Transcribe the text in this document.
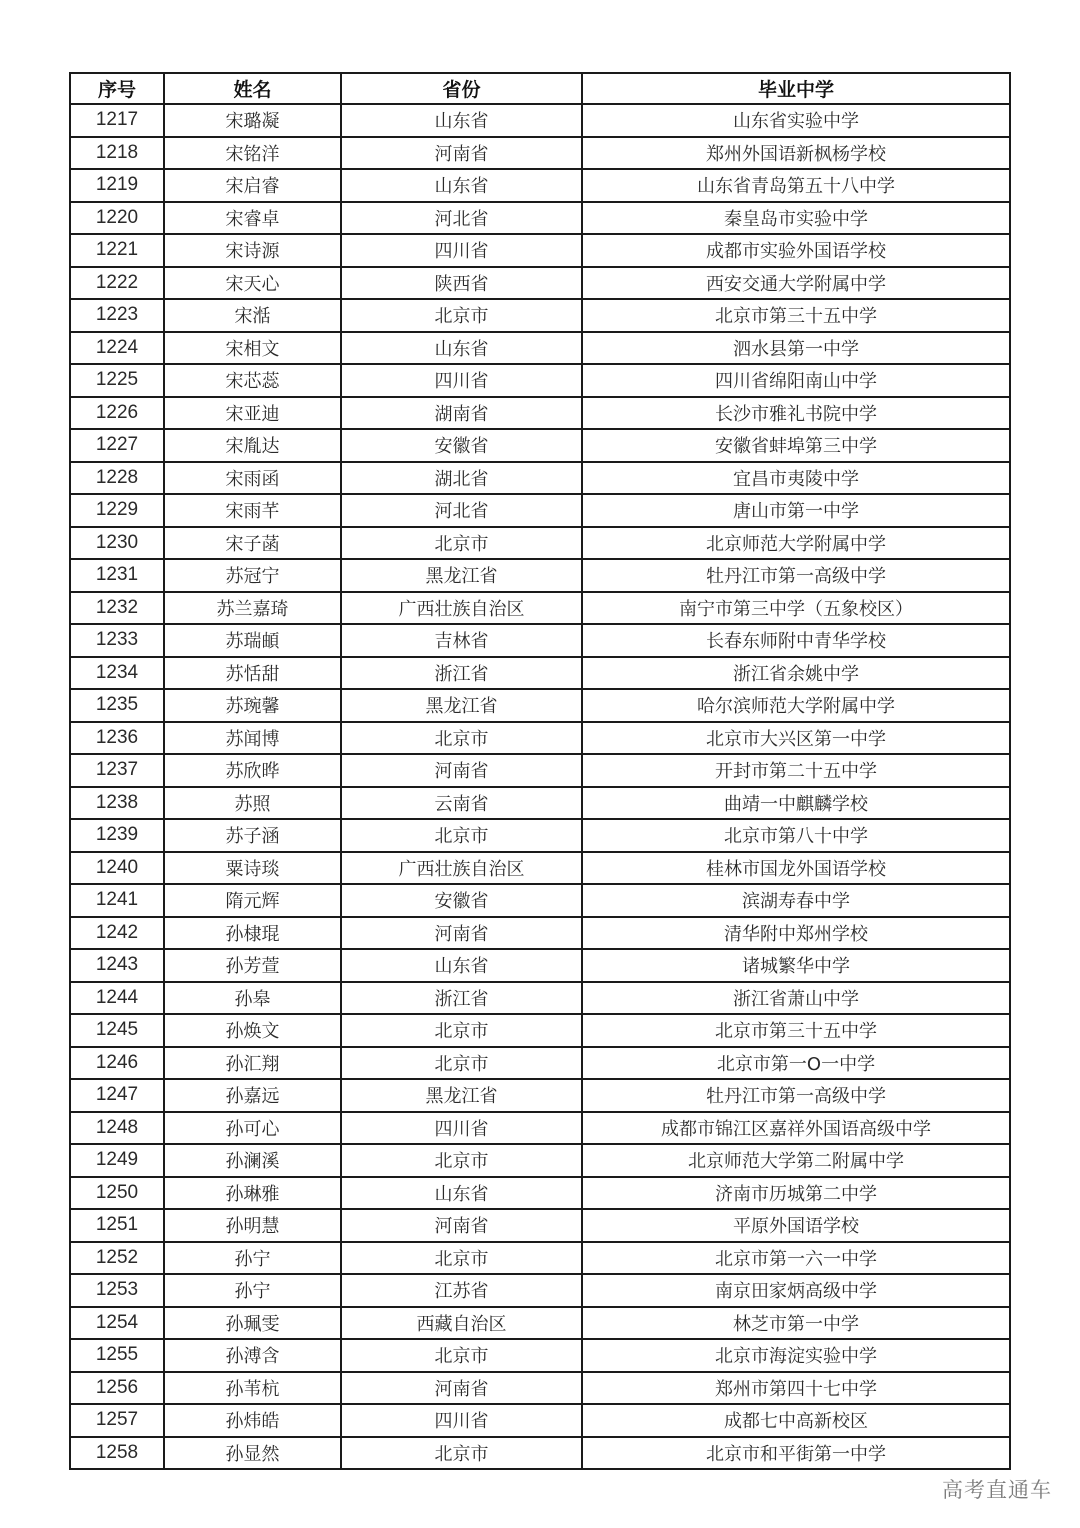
序号	姓名	省份	毕业中学
1217	宋璐凝	山东省	山东省实验中学
1218	宋铭洋	河南省	郑州外国语新枫杨学校
1219	宋启睿	山东省	山东省青岛第五十八中学
1220	宋睿卓	河北省	秦皇岛市实验中学
1221	宋诗源	四川省	成都市实验外国语学校
1222	宋天心	陕西省	西安交通大学附属中学
1223	宋湉	北京市	北京市第三十五中学
1224	宋相文	山东省	泗水县第一中学
1225	宋芯蕊	四川省	四川省绵阳南山中学
1226	宋亚迪	湖南省	长沙市雅礼书院中学
1227	宋胤达	安徽省	安徽省蚌埠第三中学
1228	宋雨函	湖北省	宜昌市夷陵中学
1229	宋雨芊	河北省	唐山市第一中学
1230	宋子菡	北京市	北京师范大学附属中学
1231	苏冠宁	黑龙江省	牡丹江市第一高级中学
1232	苏兰嘉琦	广西壮族自治区	南宁市第三中学（五象校区）
1233	苏瑞頔	吉林省	长春东师附中青华学校
1234	苏恬甜	浙江省	浙江省余姚中学
1235	苏琬馨	黑龙江省	哈尔滨师范大学附属中学
1236	苏闻博	北京市	北京市大兴区第一中学
1237	苏欣晔	河南省	开封市第二十五中学
1238	苏照	云南省	曲靖一中麒麟学校
1239	苏子涵	北京市	北京市第八十中学
1240	粟诗琰	广西壮族自治区	桂林市国龙外国语学校
1241	隋元辉	安徽省	滨湖寿春中学
1242	孙棣琨	河南省	清华附中郑州学校
1243	孙芳萱	山东省	诸城繁华中学
1244	孙皋	浙江省	浙江省萧山中学
1245	孙焕文	北京市	北京市第三十五中学
1246	孙汇翔	北京市	北京市第一O一中学
1247	孙嘉远	黑龙江省	牡丹江市第一高级中学
1248	孙可心	四川省	成都市锦江区嘉祥外国语高级中学
1249	孙澜溪	北京市	北京师范大学第二附属中学
1250	孙琳雅	山东省	济南市历城第二中学
1251	孙明慧	河南省	平原外国语学校
1252	孙宁	北京市	北京市第一六一中学
1253	孙宁	江苏省	南京田家炳高级中学
1254	孙珮雯	西藏自治区	林芝市第一中学
1255	孙溥含	北京市	北京市海淀实验中学
1256	孙苇杭	河南省	郑州市第四十七中学
1257	孙炜皓	四川省	成都七中高新校区
1258	孙显然	北京市	北京市和平街第一中学
高考直通车
